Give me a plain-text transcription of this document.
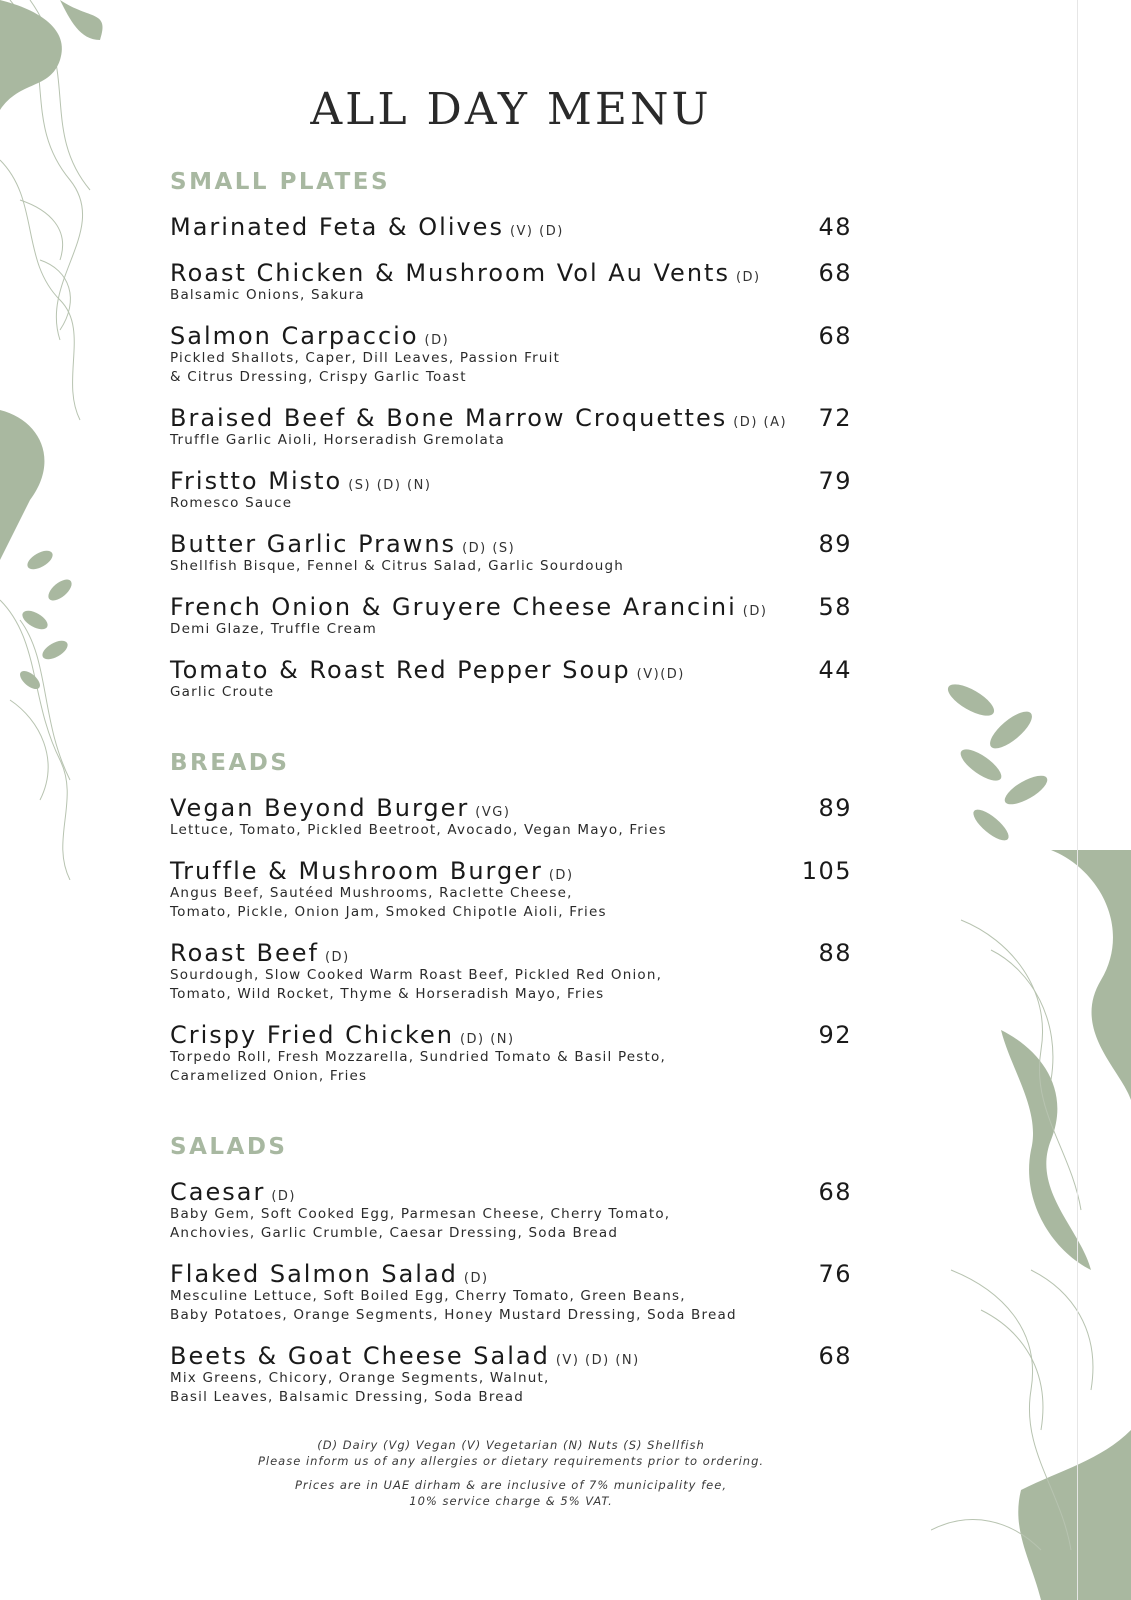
ALL DAY MENU
SMALL PLATES
Marinated Feta & Olives (V) (D)	48
Roast Chicken & Mushroom Vol Au Vents (D) 68
Balsamic Onions, Sakura
Salmon Carpaccio (D)	68
Pickled Shallots, Caper, Dill Leaves, Passion Fruit
& Citrus Dressing, Crispy Garlic Toast
Braised Beef & Bone Marrow Croquettes (D) (A) 72
Truffle Garlic Aioli, Horseradish Gremolata
Fristto Misto (S) (D) (N)	79
Romesco Sauce
Butter Garlic Prawns (D) (S)	89
Shellfish Bisque, Fennel & Citrus Salad, Garlic Sourdough
French Onion & Gruyere Cheese Arancini (D) 58
Demi Glaze, Truffle Cream
Tomato & Roast Red Pepper Soup (V)(D)	44
Garlic Croute
BREADS
Vegan Beyond Burger (VG)	89
Lettuce, Tomato, Pickled Beetroot, Avocado, Vegan Mayo, Fries
Truffle & Mushroom Burger (D)	105
Angus Beef, Sautéed Mushrooms, Raclette Cheese,
Tomato, Pickle, Onion Jam, Smoked Chipotle Aioli, Fries
Roast Beef (D)	88
Sourdough, Slow Cooked Warm Roast Beef, Pickled Red Onion,
Tomato, Wild Rocket, Thyme & Horseradish Mayo, Fries
Crispy Fried Chicken (D) (N)	92
Torpedo Roll, Fresh Mozzarella, Sundried Tomato & Basil Pesto,
Caramelized Onion, Fries
SALADS
Caesar (D)	68
Baby Gem, Soft Cooked Egg, Parmesan Cheese, Cherry Tomato,
Anchovies, Garlic Crumble, Caesar Dressing, Soda Bread
Flaked Salmon Salad (D)	76
Mesculine Lettuce, Soft Boiled Egg, Cherry Tomato, Green Beans,
Baby Potatoes, Orange Segments, Honey Mustard Dressing, Soda Bread
Beets & Goat Cheese Salad (V) (D) (N)	68
Mix Greens, Chicory, Orange Segments, Walnut,
Basil Leaves, Balsamic Dressing, Soda Bread

(D) Dairy (Vg) Vegan (V) Vegetarian (N) Nuts (S) Shellfish

Please inform us of any allergies or dietary requirements prior to ordering.

Prices are in UAE dirham & are inclusive of 7% municipality fee,

10% service charge & 5% VAT.
